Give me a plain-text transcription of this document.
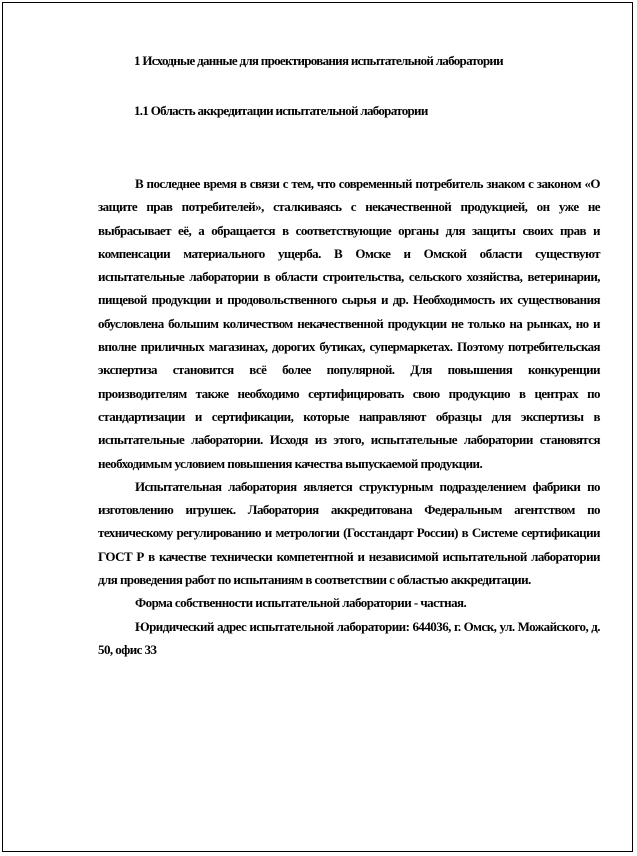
1 Исходные данные для проектирования испытательной лаборатории
1.1 Область аккредитации испытательной лаборатории

В последнее время в связи с тем, что современный потребитель знаком с законом «О защите прав потребителей», сталкиваясь с некачественной продукцией, он уже не выбрасывает её, а обращается в соответствующие органы для защиты своих прав и компенсации материального ущерба. В Омске и Омской области существуют испытательные лаборатории в области строительства, сельского хозяйства, ветеринарии, пищевой продукции и продовольственного сырья и др. Необходимость их существования обусловлена большим количеством некачественной продукции не только на рынках, но и вполне приличных магазинах, дорогих бутиках, супермаркетах. Поэтому потребительская экспертиза становится всё более популярной. Для повышения конкуренции производителям также необходимо сертифицировать свою продукцию в центрах по стандартизации и сертификации, которые направляют образцы для экспертизы в испытательные лаборатории. Исходя из этого, испытательные лаборатории становятся необходимым условием повышения качества выпускаемой продукции.

Испытательная лаборатория является структурным подразделением фабрики по изготовлению игрушек. Лаборатория аккредитована Федеральным агентством по техническому регулированию и метрологии (Госстандарт России) в Системе сертификации ГОСТ Р в качестве технически компетентной и независимой испытательной лаборатории для проведения работ по испытаниям в соответствии с областью аккредитации.

Форма собственности испытательной лаборатории - частная.

Юридический адрес испытательной лаборатории: 644036, г. Омск, ул. Можайского, д. 50, офис 33
